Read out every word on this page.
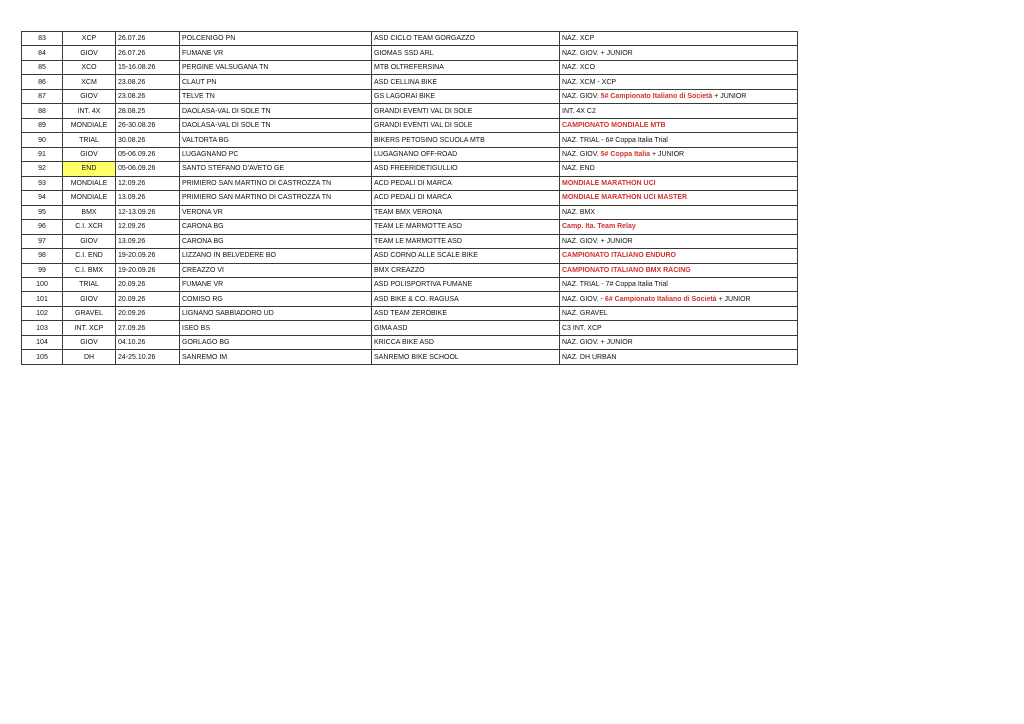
83	XCP	26.07.26	POLCENIGO PN	ASD CICLO TEAM GORGAZZO	NAZ. XCP
84	GIOV	26.07.26	FUMANE VR	GIOMAS SSD ARL	NAZ. GIOV. + JUNIOR
85	XCO	15-16.08.26	PERGINE VALSUGANA TN	MTB OLTREFERSINA	NAZ. XCO
86	XCM	23.08.26	CLAUT PN	ASD CELLINA BIKE	NAZ. XCM - XCP
87	GIOV	23.08.26	TELVE TN	GS LAGORAI BIKE	NAZ. GIOV. 5# Campionato Italiano di Società + JUNIOR
88	INT. 4X	28.08.25	DAOLASA-VAL DI SOLE TN	GRANDI EVENTI VAL DI SOLE	INT. 4X C2
89	MONDIALE	26-30.08.26	DAOLASA-VAL DI SOLE TN	GRANDI EVENTI VAL DI SOLE	CAMPIONATO MONDIALE MTB
90	TRIAL	30.08.26	VALTORTA BG	BIKERS PETOSINO SCUOLA MTB	NAZ. TRIAL - 6# Coppa Italia Trial
91	GIOV	05-06.09.26	LUGAGNANO PC	LUGAGNANO OFF-ROAD	NAZ. GIOV. 5# Coppa Italia + JUNIOR
92	END	05-06.09.26	SANTO STEFANO D'AVETO GE	ASD FREERIDETIGULLIO	NAZ. END
93	MONDIALE	12.09.26	PRIMIERO SAN MARTINO DI CASTROZZA TN	ACD PEDALI DI MARCA	MONDIALE MARATHON UCI
94	MONDIALE	13.09.26	PRIMIERO SAN MARTINO DI CASTROZZA TN	ACD PEDALI DI MARCA	MONDIALE MARATHON UCI MASTER
95	BMX	12-13.09.26	VERONA VR	TEAM BMX VERONA	NAZ. BMX
96	C.I. XCR	12.09.26	CARONA BG	TEAM LE MARMOTTE ASD	Camp. Ita. Team Relay
97	GIOV	13.09.26	CARONA BG	TEAM LE MARMOTTE ASD	NAZ. GIOV. + JUNIOR
98	C.I. END	19-20.09.26	LIZZANO IN BELVEDERE BO	ASD CORNO ALLE SCALE BIKE	CAMPIONATO ITALIANO ENDURO
99	C.I. BMX	19-20.09.26	CREAZZO VI	BMX CREAZZO	CAMPIONATO ITALIANO BMX RACING
100	TRIAL	20.09.26	FUMANE VR	ASD POLISPORTIVA FUMANE	NAZ. TRIAL - 7# Coppa Italia Trial
101	GIOV	20.09.26	COMISO RG	ASD BIKE & CO. RAGUSA	NAZ. GIOV. - 6# Campionato Italiano di Società + JUNIOR
102	GRAVEL	20.09.26	LIGNANO SABBIADORO UD	ASD TEAM ZEROBIKE	NAZ. GRAVEL
103	INT. XCP	27.09.26	ISEO BS	GIMA ASD	C3 INT. XCP
104	GIOV	04.10.26	GORLAGO BG	KRICCA BIKE ASD	NAZ. GIOV. + JUNIOR
105	DH	24-25.10.26	SANREMO IM	SANREMO BIKE SCHOOL	NAZ. DH URBAN
